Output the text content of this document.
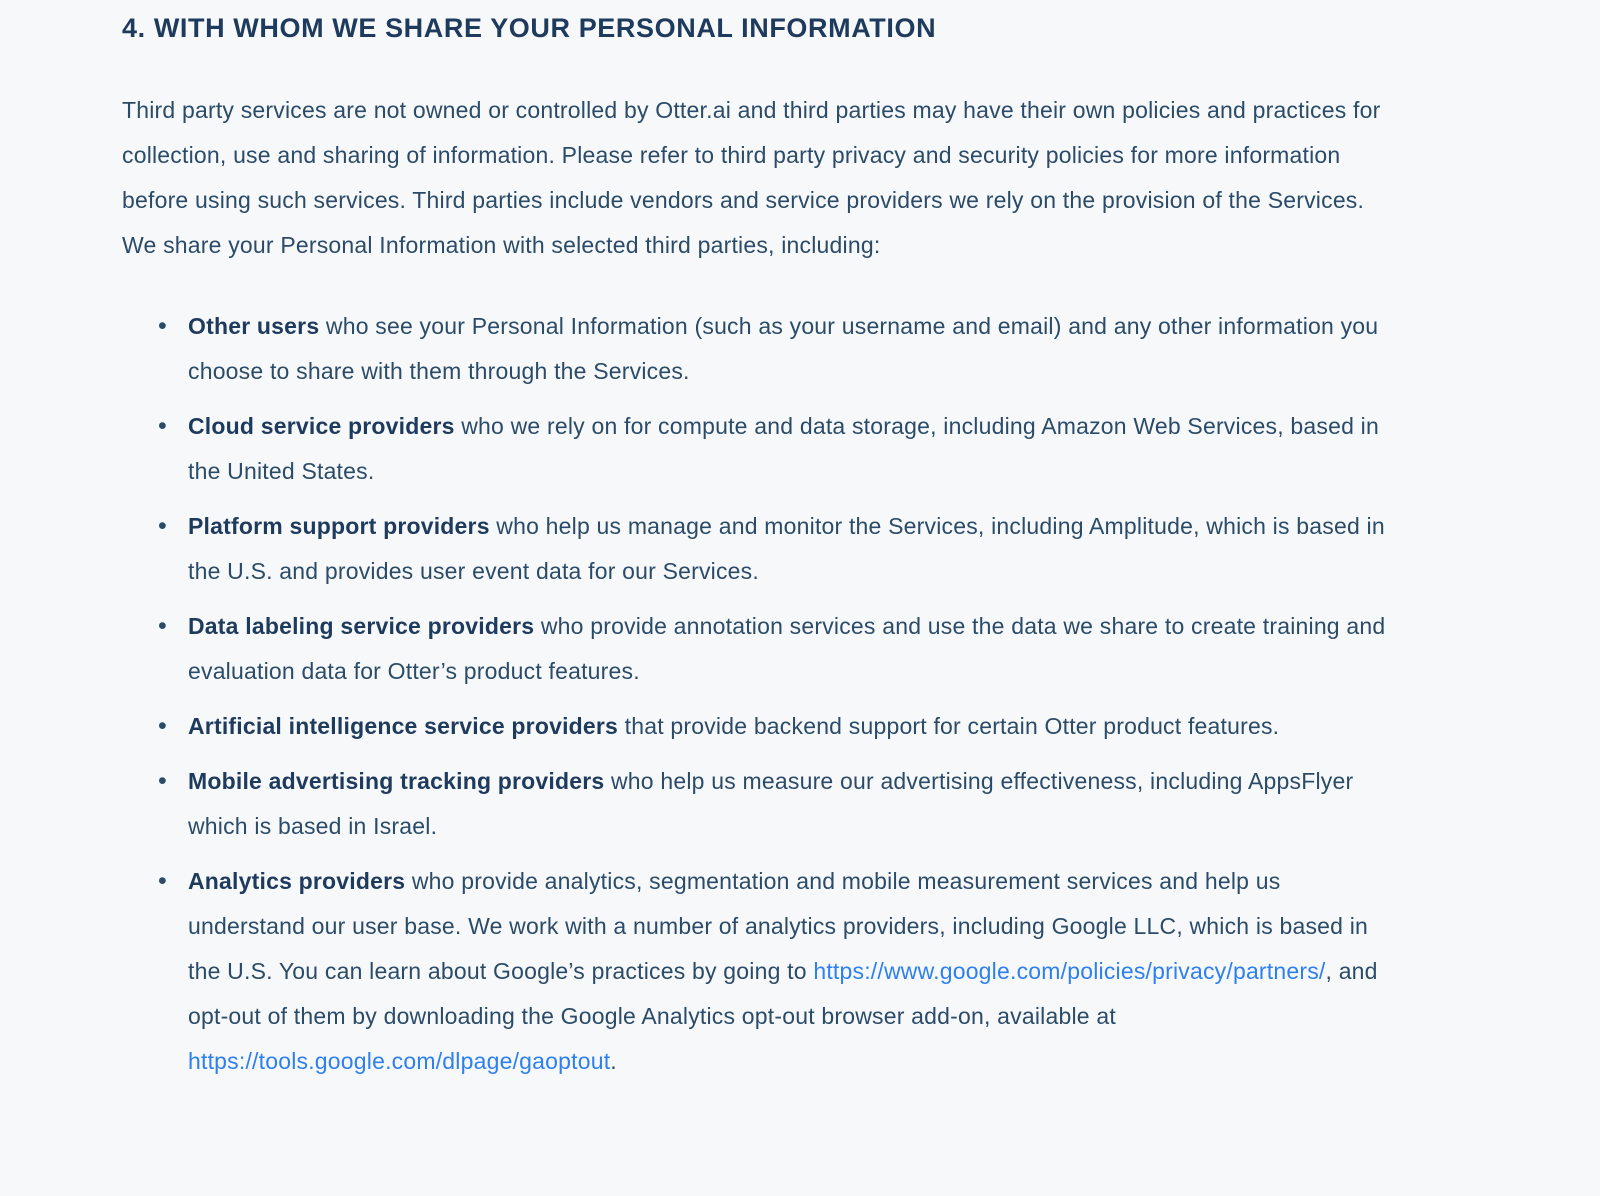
4. WITH WHOM WE SHARE YOUR PERSONAL INFORMATION

Third party services are not owned or controlled by Otter.ai and third parties may have their own policies and practices for collection, use and sharing of information. Please refer to third party privacy and security policies for more information before using such services. Third parties include vendors and service providers we rely on the provision of the Services. We share your Personal Information with selected third parties, including:

• Other users who see your Personal Information (such as your username and email) and any other information you choose to share with them through the Services.
• Cloud service providers who we rely on for compute and data storage, including Amazon Web Services, based in the United States.
• Platform support providers who help us manage and monitor the Services, including Amplitude, which is based in the U.S. and provides user event data for our Services.
• Data labeling service providers who provide annotation services and use the data we share to create training and evaluation data for Otter’s product features.
• Artificial intelligence service providers that provide backend support for certain Otter product features.
• Mobile advertising tracking providers who help us measure our advertising effectiveness, including AppsFlyer which is based in Israel.
• Analytics providers who provide analytics, segmentation and mobile measurement services and help us understand our user base. We work with a number of analytics providers, including Google LLC, which is based in the U.S. You can learn about Google’s practices by going to https://www.google.com/policies/privacy/partners/, and opt-out of them by downloading the Google Analytics opt-out browser add-on, available at https://tools.google.com/dlpage/gaoptout.
